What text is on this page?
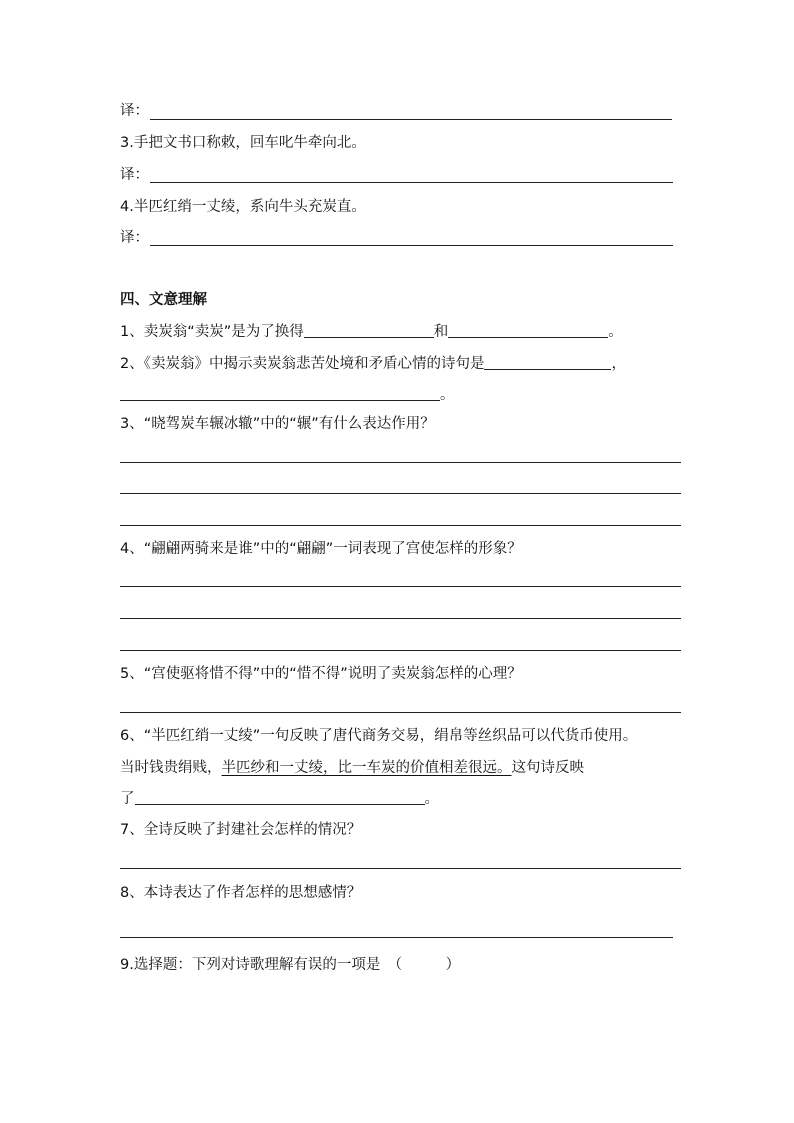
译：
3.手把文书口称敕，回车叱牛牵向北。
译：
4.半匹红绡一丈绫，系向牛头充炭直。
译：
四、文意理解
1、卖炭翁“卖炭”是为了换得	和	。
2、《卖炭翁》中揭示卖炭翁悲苦处境和矛盾心情的诗句是	，
。
3、“晓驾炭车辗冰辙”中的“辗”有什么表达作用？
4、“翩翩两骑来是谁”中的“翩翩”一词表现了宫使怎样的形象？
5、“宫使驱将惜不得”中的“惜不得”说明了卖炭翁怎样的心理？
6、“半匹红绡一丈绫”一句反映了唐代商务交易，绢帛等丝织品可以代货币使用。
当时钱贵绢贱，半匹纱和一丈绫，比一车炭的价值相差很远。这句诗反映
了	。
7、全诗反映了封建社会怎样的情况？
8、本诗表达了作者怎样的思想感情？
9.选择题：下列对诗歌理解有误的一项是　（　　　）
